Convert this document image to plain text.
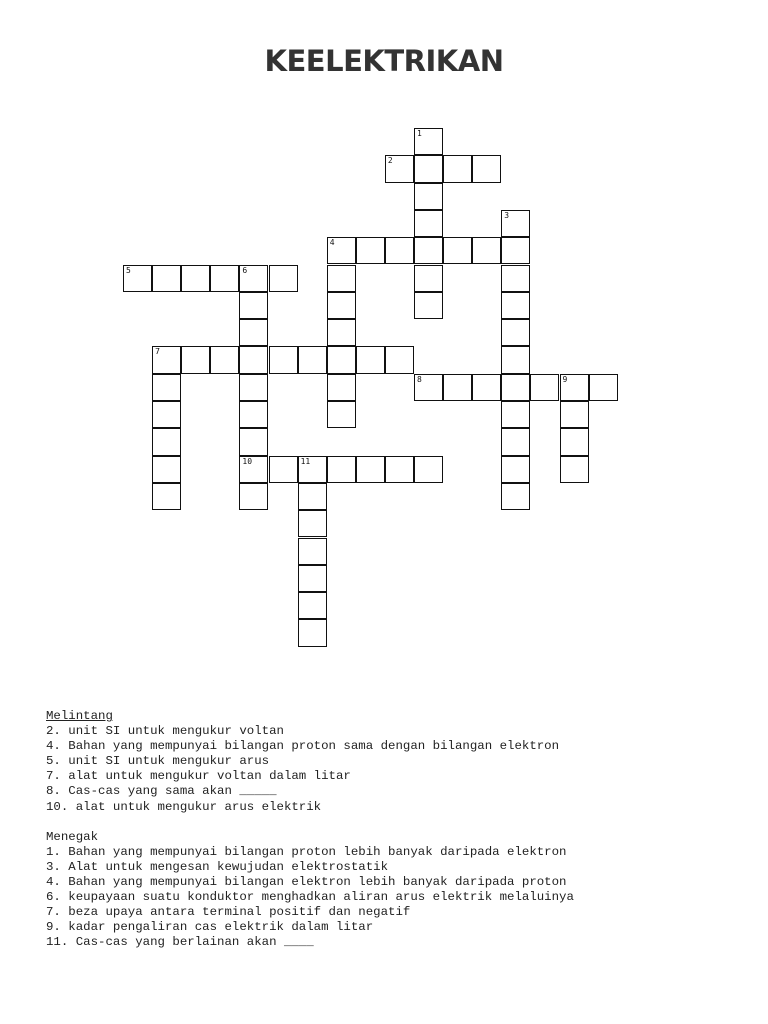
KEELEKTRIKAN
1
2
3
4
5	6
10
7
8	9
11
Melintang
2. unit SI untuk mengukur voltan
4. Bahan yang mempunyai bilangan proton sama dengan bilangan elektron
5. unit SI untuk mengukur arus
7. alat untuk mengukur voltan dalam litar
8. Cas-cas yang sama akan _____
10. alat untuk mengukur arus elektrik
Menegak
1. Bahan yang mempunyai bilangan proton lebih banyak daripada elektron
3. Alat untuk mengesan kewujudan elektrostatik
4. Bahan yang mempunyai bilangan elektron lebih banyak daripada proton
6. keupayaan suatu konduktor menghadkan aliran arus elektrik melaluinya
7. beza upaya antara terminal positif dan negatif
9. kadar pengaliran cas elektrik dalam litar
11. Cas-cas yang berlainan akan ____
